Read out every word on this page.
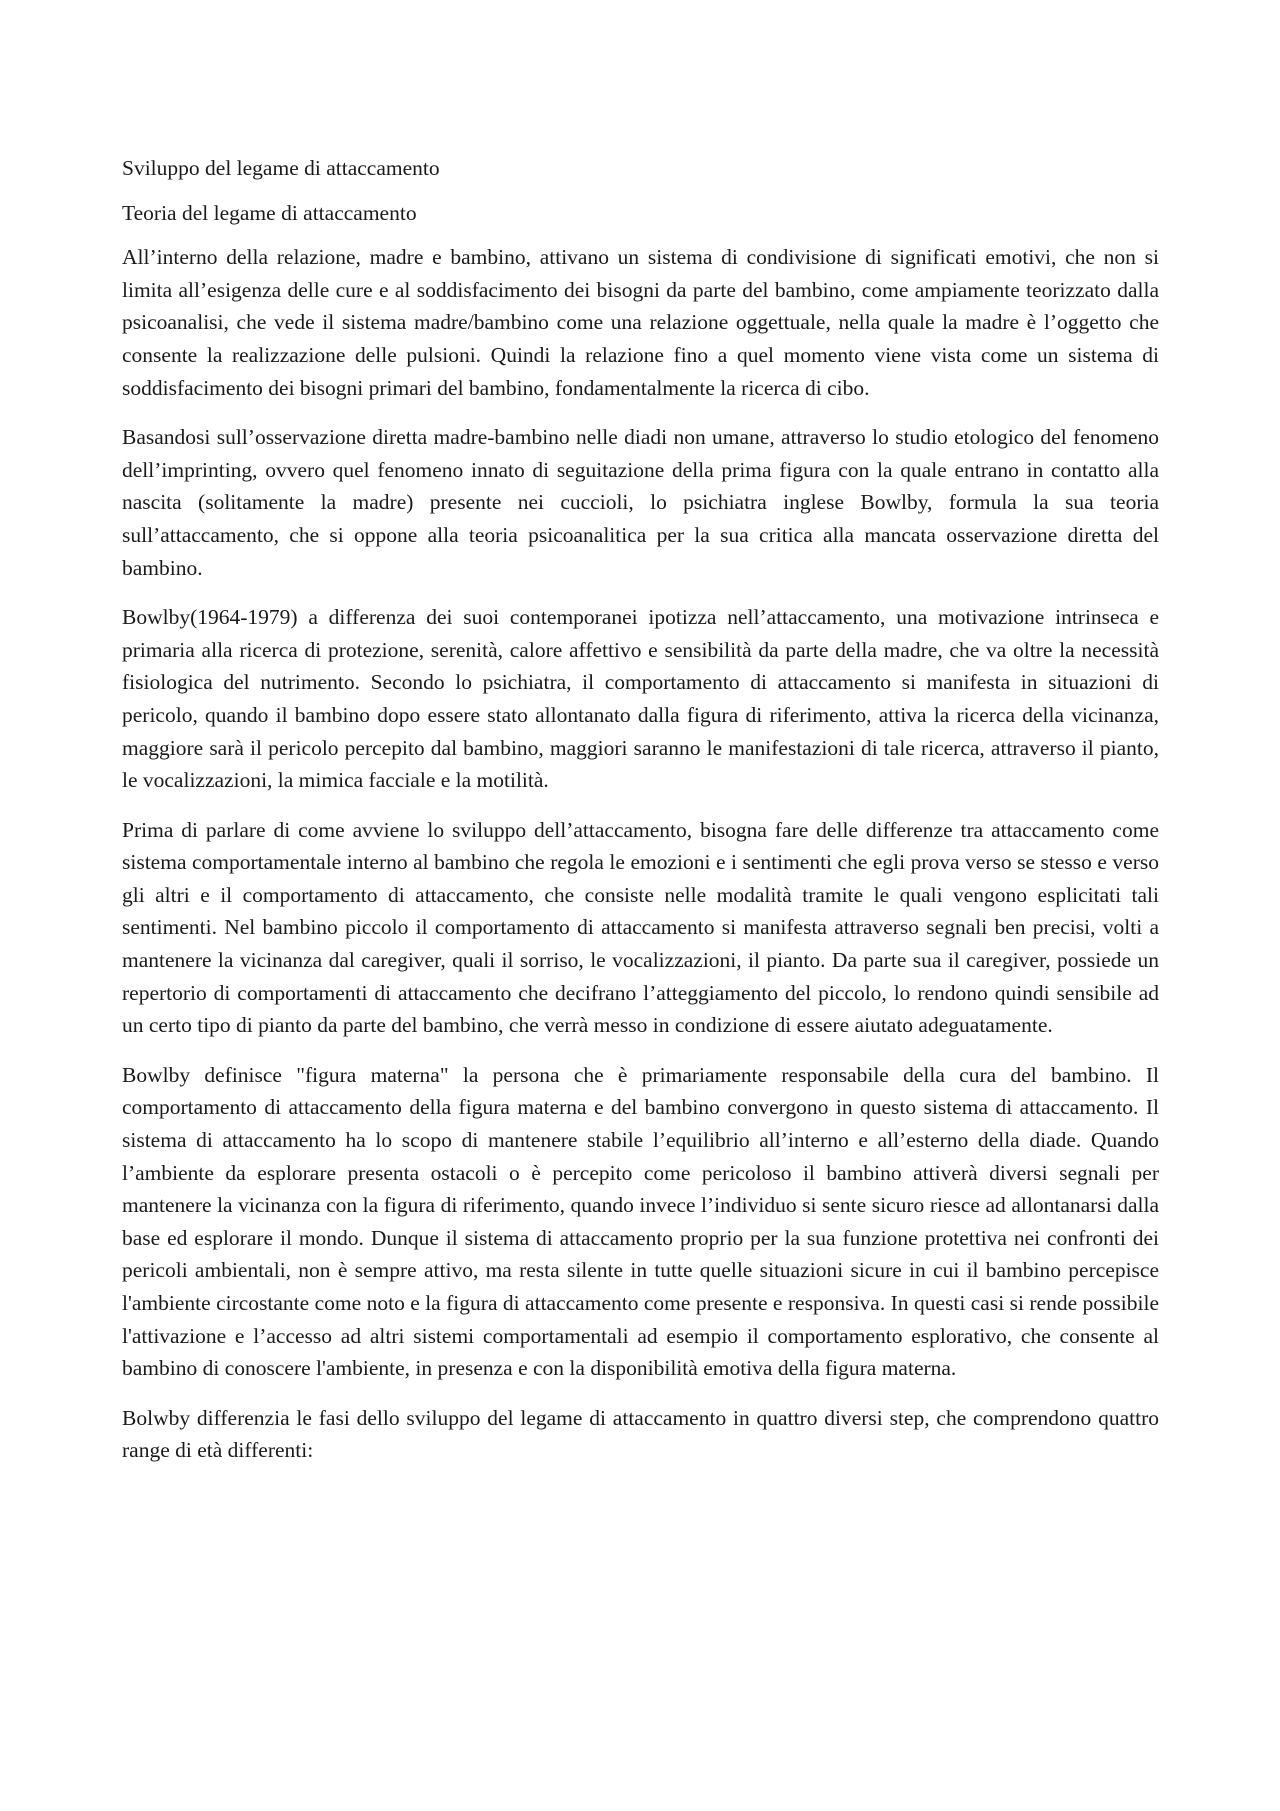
Sviluppo del legame di attaccamento

Teoria del legame di attaccamento

All’interno della relazione, madre e bambino, attivano un sistema di condivisione di significati emotivi, che non si limita all’esigenza delle cure e al soddisfacimento dei bisogni da parte del bambino, come ampiamente teorizzato dalla psicoanalisi, che vede il sistema madre/bambino come una relazione oggettuale, nella quale la madre è l’oggetto che consente la realizzazione delle pulsioni. Quindi la relazione fino a quel momento viene vista come un sistema di soddisfacimento dei bisogni primari del bambino, fondamentalmente la ricerca di cibo.

Basandosi sull’osservazione diretta madre-bambino nelle diadi non umane, attraverso lo studio etologico del fenomeno dell’imprinting, ovvero quel fenomeno innato di seguitazione della prima figura con la quale entrano in contatto alla nascita (solitamente la madre) presente nei cuccioli, lo psichiatra inglese Bowlby, formula la sua teoria sull’attaccamento, che si oppone alla teoria psicoanalitica per la sua critica alla mancata osservazione diretta del bambino.

Bowlby(1964-1979) a differenza dei suoi contemporanei ipotizza nell’attaccamento, una motivazione intrinseca e primaria alla ricerca di protezione, serenità, calore affettivo e sensibilità da parte della madre, che va oltre la necessità fisiologica del nutrimento. Secondo lo psichiatra, il comportamento di attaccamento si manifesta in situazioni di pericolo, quando il bambino dopo essere stato allontanato dalla figura di riferimento, attiva la ricerca della vicinanza, maggiore sarà il pericolo percepito dal bambino, maggiori saranno le manifestazioni di tale ricerca, attraverso il pianto, le vocalizzazioni, la mimica facciale e la motilità.

Prima di parlare di come avviene lo sviluppo dell’attaccamento, bisogna fare delle differenze tra attaccamento come sistema comportamentale interno al bambino che regola le emozioni e i sentimenti che egli prova verso se stesso e verso gli altri e il comportamento di attaccamento, che consiste nelle modalità tramite le quali vengono esplicitati tali sentimenti. Nel bambino piccolo il comportamento di attaccamento si manifesta attraverso segnali ben precisi, volti a mantenere la vicinanza dal caregiver, quali il sorriso, le vocalizzazioni, il pianto. Da parte sua il caregiver, possiede un repertorio di comportamenti di attaccamento che decifrano l’atteggiamento del piccolo, lo rendono quindi sensibile ad un certo tipo di pianto da parte del bambino, che verrà messo in condizione di essere aiutato adeguatamente.

Bowlby definisce "figura materna" la persona che è primariamente responsabile della cura del bambino. Il comportamento di attaccamento della figura materna e del bambino convergono in questo sistema di attaccamento. Il sistema di attaccamento ha lo scopo di mantenere stabile l’equilibrio all’interno e all’esterno della diade. Quando l’ambiente da esplorare presenta ostacoli o è percepito come pericoloso il bambino attiverà diversi segnali per mantenere la vicinanza con la figura di riferimento, quando invece l’individuo si sente sicuro riesce ad allontanarsi dalla base ed esplorare il mondo. Dunque il sistema di attaccamento proprio per la sua funzione protettiva nei confronti dei pericoli ambientali, non è sempre attivo, ma resta silente in tutte quelle situazioni sicure in cui il bambino percepisce l'ambiente circostante come noto e la figura di attaccamento come presente e responsiva. In questi casi si rende possibile l'attivazione e l’accesso ad altri sistemi comportamentali ad esempio il comportamento esplorativo, che consente al bambino di conoscere l'ambiente, in presenza e con la disponibilità emotiva della figura materna.

Bolwby differenzia le fasi dello sviluppo del legame di attaccamento in quattro diversi step, che comprendono quattro range di età differenti:
